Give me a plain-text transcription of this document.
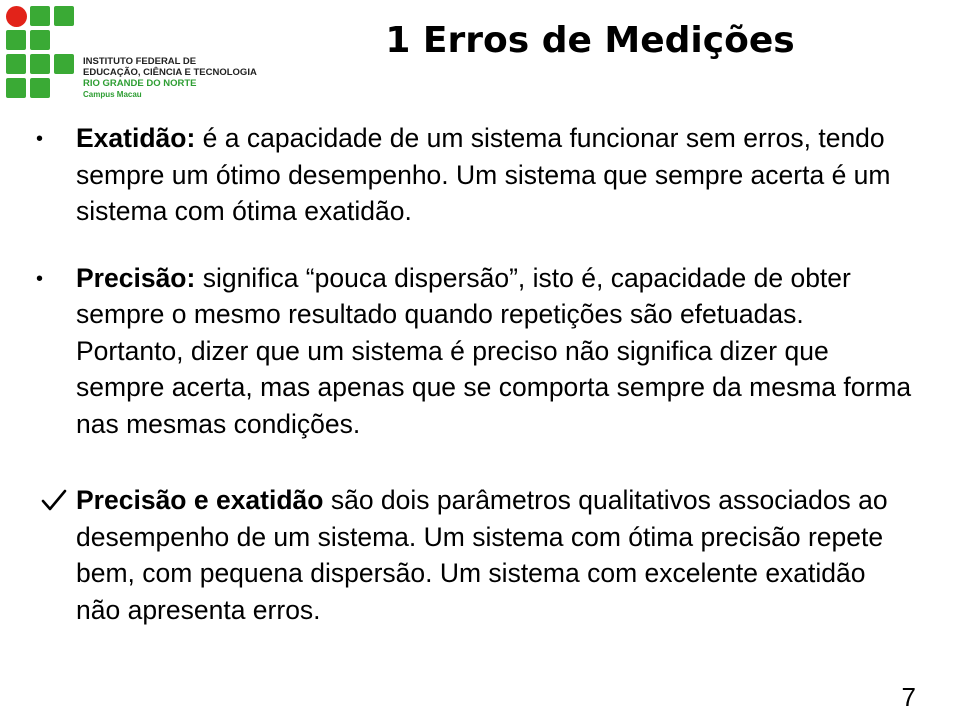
INSTITUTO FEDERAL DE
EDUCAÇÃO, CIÊNCIA E TECNOLOGIA
RIO GRANDE DO NORTE
Campus Macau
1 Erros de Medições
•	Exatidão: é a capacidade de um sistema funcionar sem erros, tendo sempre um ótimo desempenho. Um sistema que sempre acerta é um sistema com ótima exatidão.
•	Precisão: significa “pouca dispersão”, isto é, capacidade de obter sempre o mesmo resultado quando repetições são efetuadas. Portanto, dizer que um sistema é preciso não significa dizer que sempre acerta, mas apenas que se comporta sempre da mesma forma nas mesmas condições.
Precisão e exatidão são dois parâmetros qualitativos associados ao desempenho de um sistema. Um sistema com ótima precisão repete bem, com pequena dispersão. Um sistema com excelente exatidão não apresenta erros.
7
